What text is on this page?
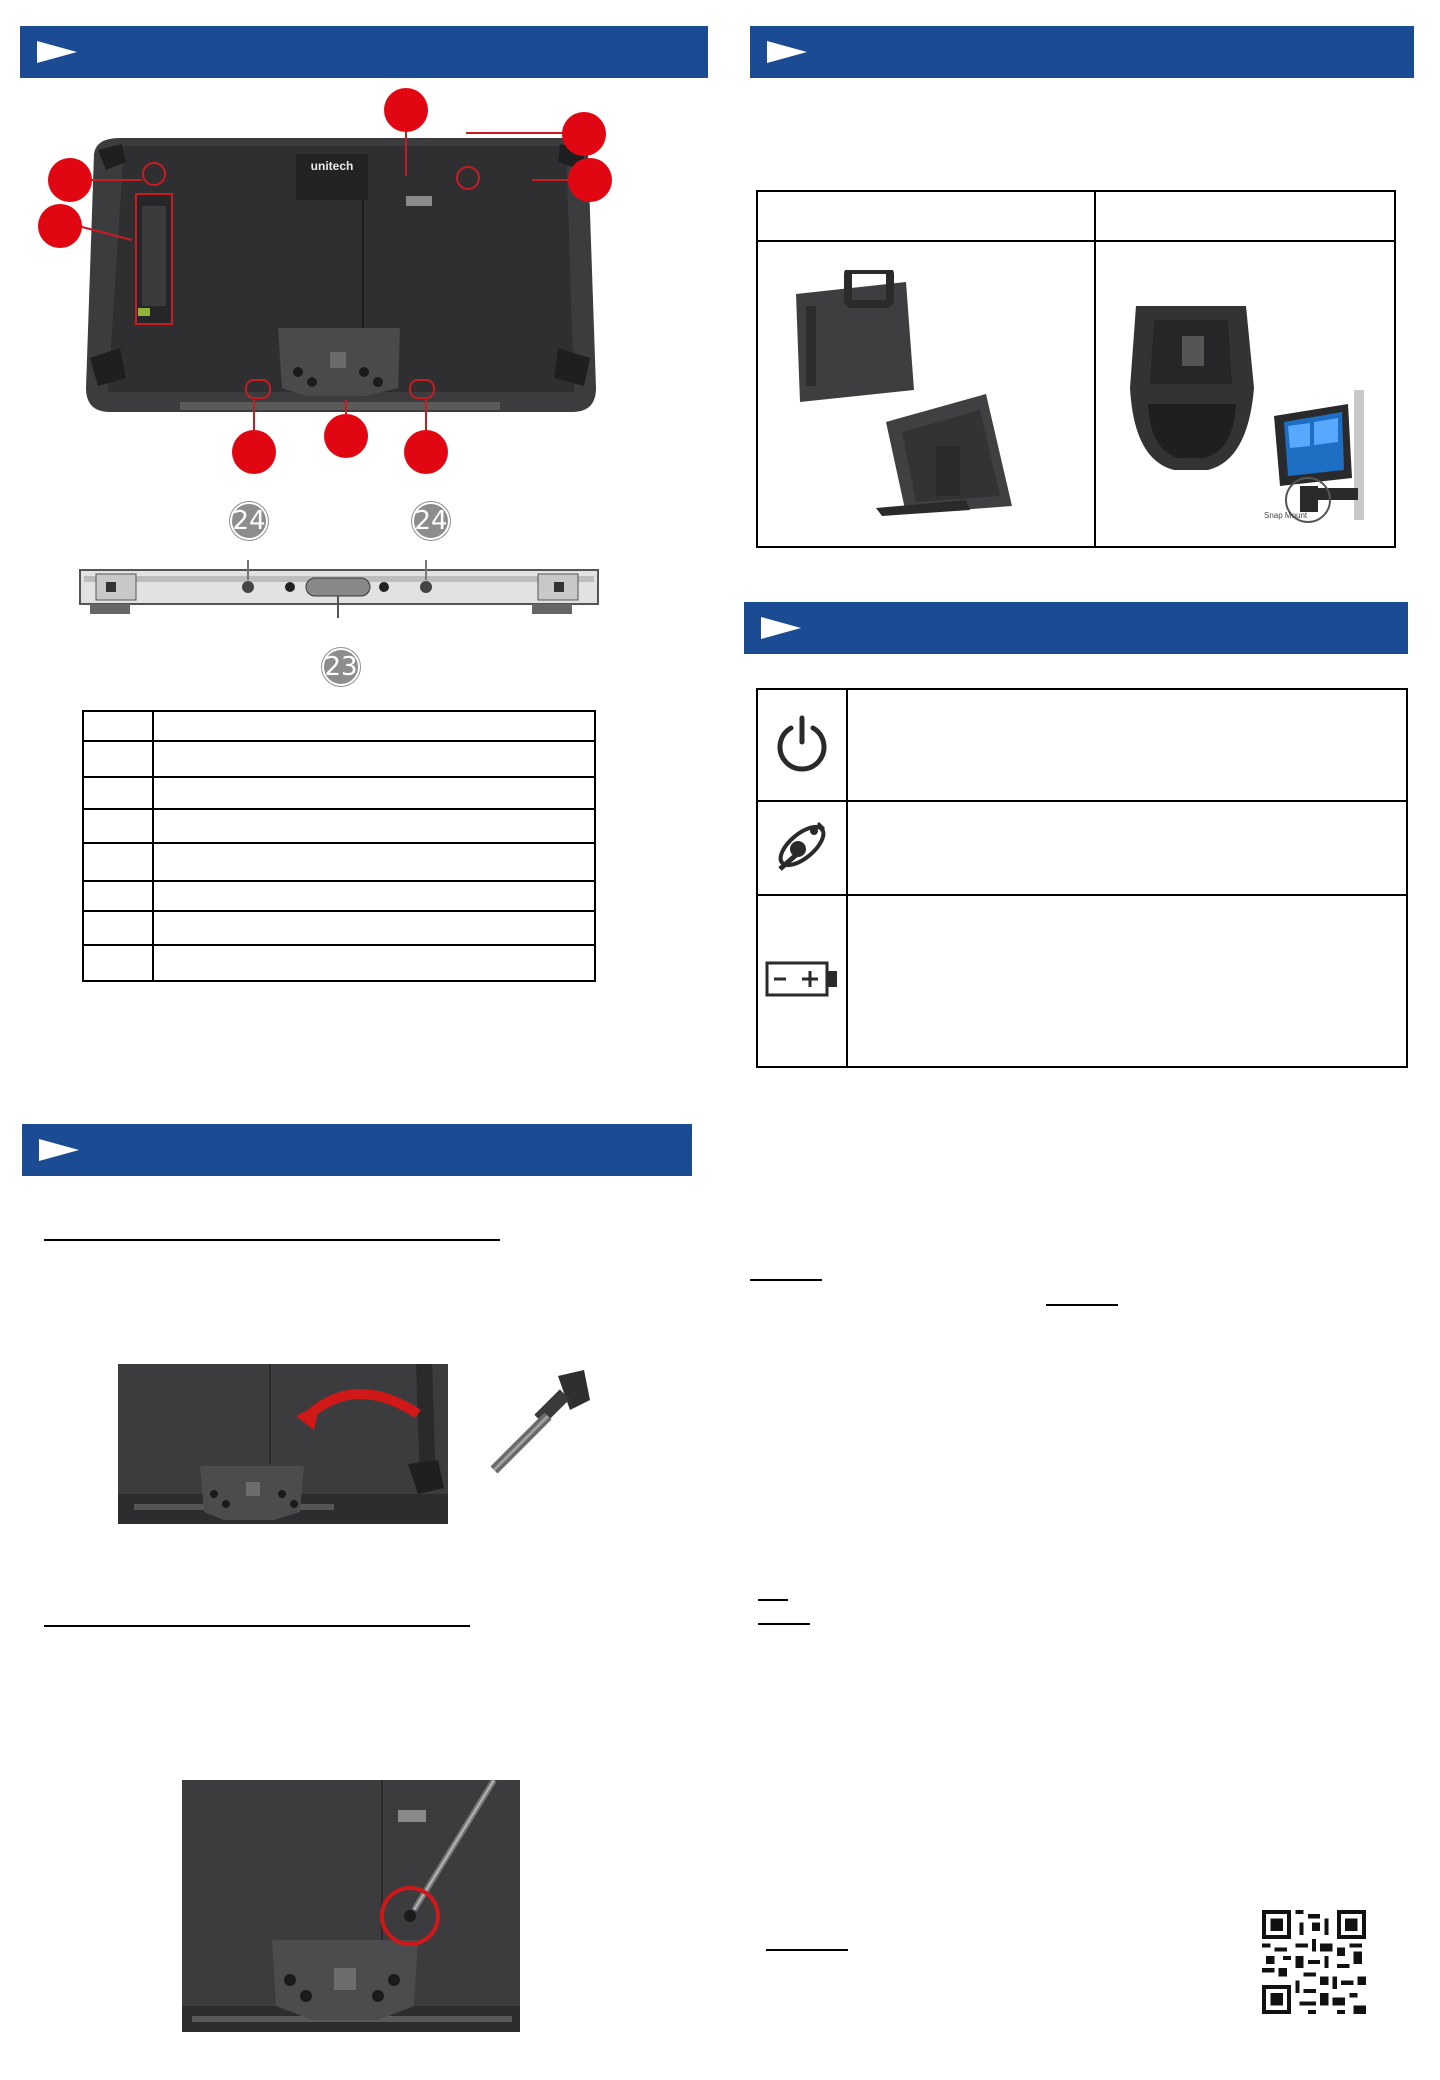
unitech
24	24
23

Snap Mount
